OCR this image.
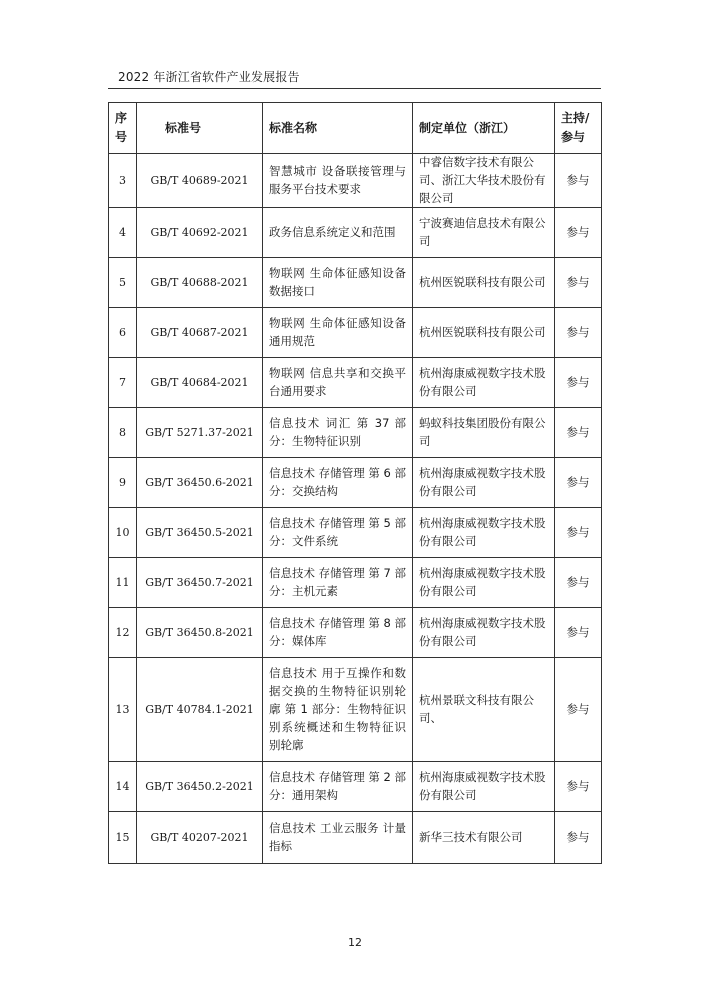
2022 年浙江省软件产业发展报告
序号	标准号	标准名称	制定单位（浙江）	主持/参与
3	GB/T 40689-2021	智慧城市 设备联接管理与服务平台技术要求	中睿信数字技术有限公司、浙江大华技术股份有限公司	参与
4	GB/T 40692-2021	政务信息系统定义和范围	宁波赛迪信息技术有限公司	参与
5	GB/T 40688-2021	物联网 生命体征感知设备数据接口	杭州医锐联科技有限公司	参与
6	GB/T 40687-2021	物联网 生命体征感知设备通用规范	杭州医锐联科技有限公司	参与
7	GB/T 40684-2021	物联网 信息共享和交换平台通用要求	杭州海康威视数字技术股份有限公司	参与
8	GB/T 5271.37-2021	信息技术 词汇 第 37 部分：生物特征识别	蚂蚁科技集团股份有限公司	参与
9	GB/T 36450.6-2021	信息技术 存储管理 第 6 部分：交换结构	杭州海康威视数字技术股份有限公司	参与
10	GB/T 36450.5-2021	信息技术 存储管理 第 5 部分：文件系统	杭州海康威视数字技术股份有限公司	参与
11	GB/T 36450.7-2021	信息技术 存储管理 第 7 部分：主机元素	杭州海康威视数字技术股份有限公司	参与
12	GB/T 36450.8-2021	信息技术 存储管理 第 8 部分：媒体库	杭州海康威视数字技术股份有限公司	参与
13	GB/T 40784.1-2021	信息技术 用于互操作和数据交换的生物特征识别轮廓 第 1 部分：生物特征识别系统概述和生物特征识别轮廓	杭州景联文科技有限公司、	参与
14	GB/T 36450.2-2021	信息技术 存储管理 第 2 部分：通用架构	杭州海康威视数字技术股份有限公司	参与
15	GB/T 40207-2021	信息技术 工业云服务 计量指标	新华三技术有限公司	参与
12
